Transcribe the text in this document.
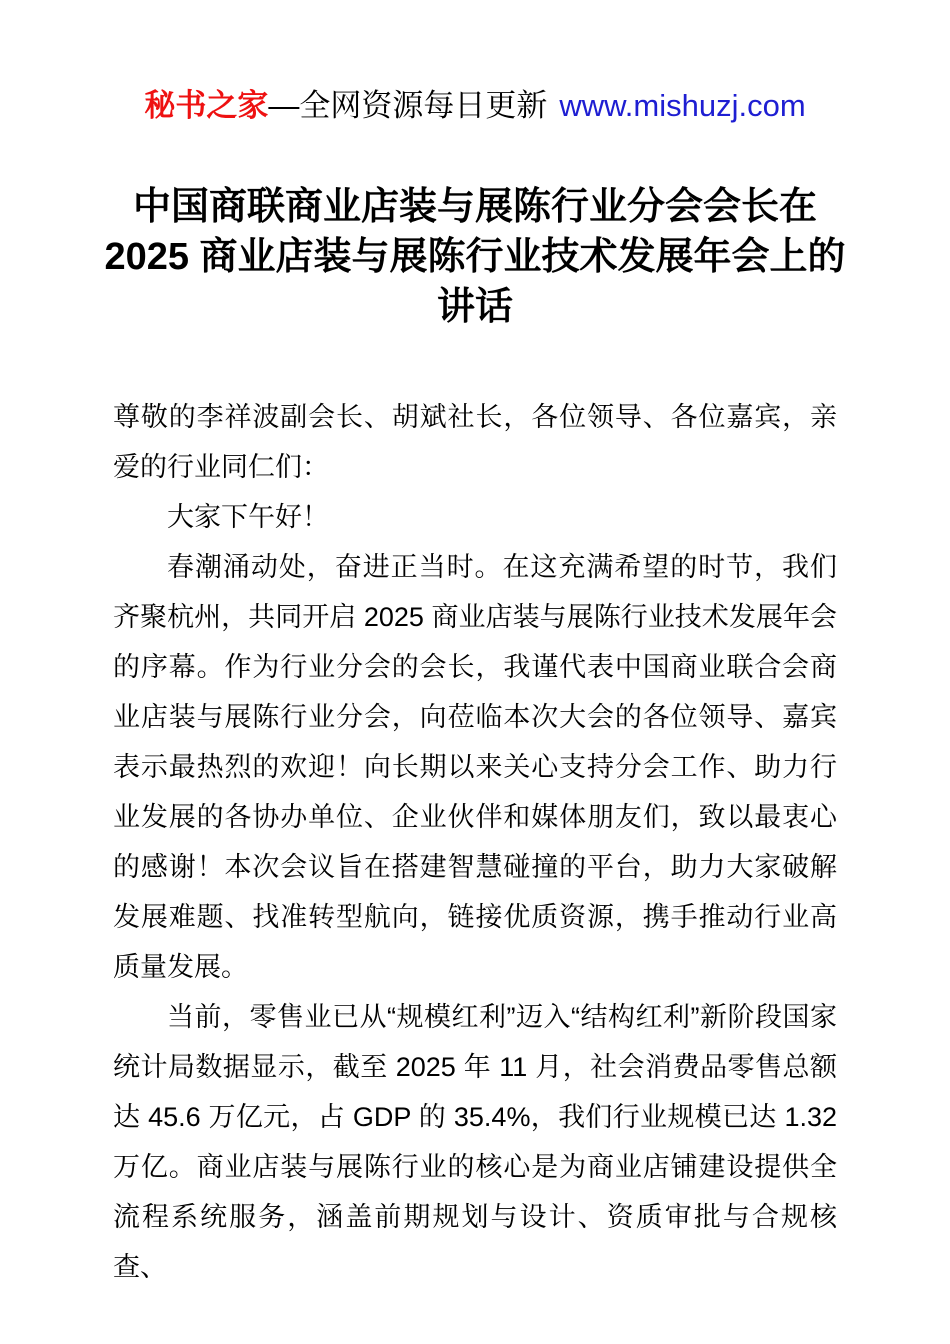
秘书之家—全网资源每日更新 www.mishuzj.com
中国商联商业店装与展陈行业分会会长在 2025 商业店装与展陈行业技术发展年会上的讲话

尊敬的李祥波副会长、胡斌社长，各位领导、各位嘉宾，亲爱的行业同仁们：

大家下午好！

春潮涌动处，奋进正当时。在这充满希望的时节，我们齐聚杭州，共同开启 2025 商业店装与展陈行业技术发展年会的序幕。作为行业分会的会长，我谨代表中国商业联合会商业店装与展陈行业分会，向莅临本次大会的各位领导、嘉宾表示最热烈的欢迎！向长期以来关心支持分会工作、助力行业发展的各协办单位、企业伙伴和媒体朋友们，致以最衷心的感谢！本次会议旨在搭建智慧碰撞的平台，助力大家破解发展难题、找准转型航向，链接优质资源，携手推动行业高质量发展。

当前，零售业已从“规模红利”迈入“结构红利”新阶段国家统计局数据显示，截至 2025 年 11 月，社会消费品零售总额达 45.6 万亿元，占 GDP 的 35.4%，我们行业规模已达 1.32 万亿。商业店装与展陈行业的核心是为商业店铺建设提供全流程系统服务，涵盖前期规划与设计、资质审批与合规核查、
